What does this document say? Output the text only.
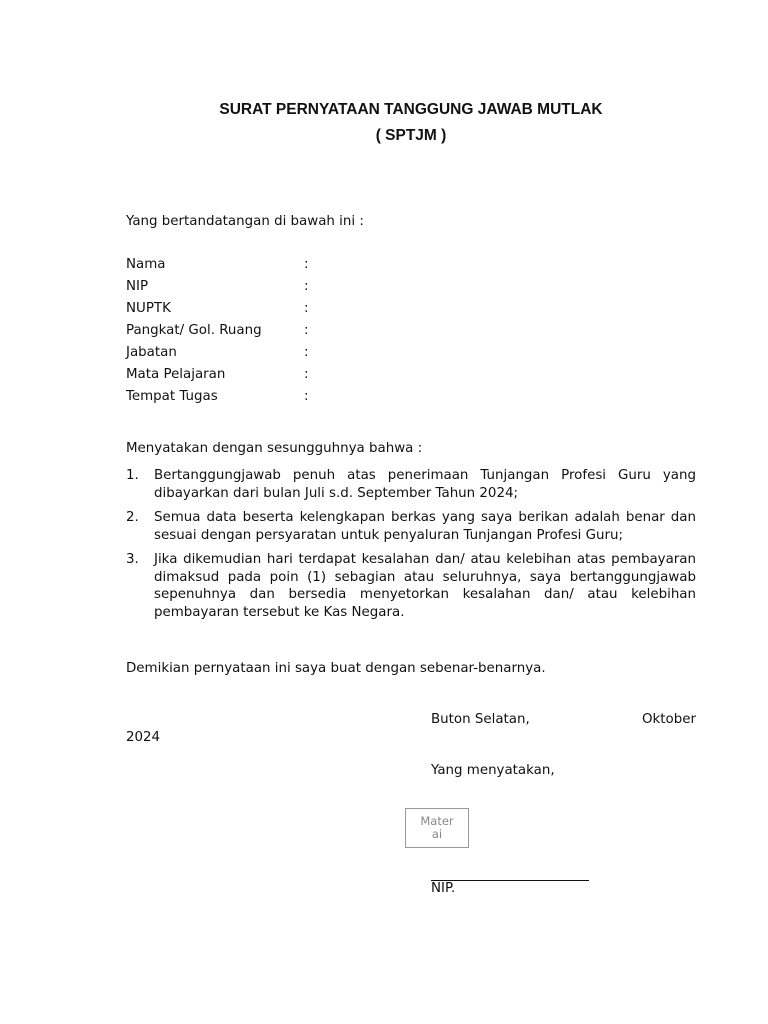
SURAT PERNYATAAN TANGGUNG JAWAB MUTLAK
( SPTJM )
Yang bertandatangan di bawah ini :
Nama	:
NIP	:
NUPTK	:
Pangkat/ Gol. Ruang	:
Jabatan	:
Mata Pelajaran	:
Tempat Tugas	:
Menyatakan dengan sesungguhnya bahwa :
1. Bertanggungjawab penuh atas penerimaan Tunjangan Profesi Guru yang dibayarkan dari bulan Juli s.d. September Tahun 2024;
2. Semua data beserta kelengkapan berkas yang saya berikan adalah benar dan sesuai dengan persyaratan untuk penyaluran Tunjangan Profesi Guru;
3. Jika dikemudian hari terdapat kesalahan dan/ atau kelebihan atas pembayaran dimaksud pada poin (1) sebagian atau seluruhnya, saya bertanggungjawab sepenuhnya dan bersedia menyetorkan kesalahan dan/ atau kelebihan pembayaran tersebut ke Kas Negara.
Demikian pernyataan ini saya buat dengan sebenar-benarnya.
Buton Selatan,	Oktober
2024
Yang menyatakan,
Mater
ai
NIP.
